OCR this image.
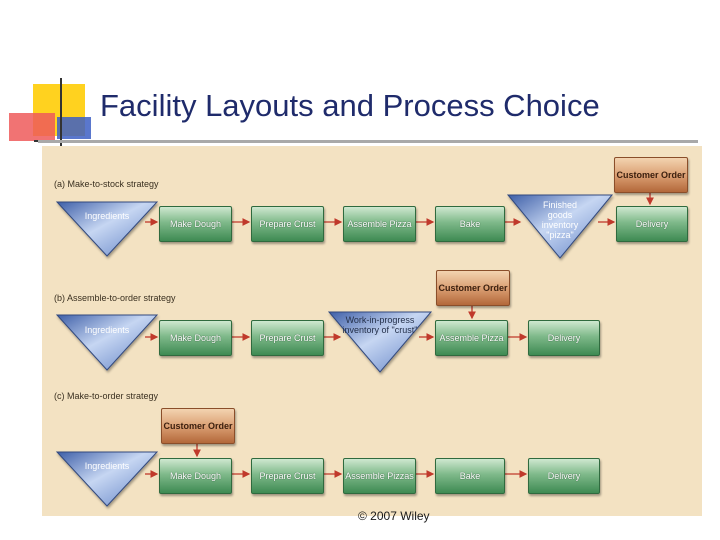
Facility Layouts and Process Choice
(a) Make-to-stock strategy
Ingredients
Make Dough	Prepare Crust	Assemble Pizza	Bake
Finished goods inventory "pizza"
Delivery
Customer Order
(b) Assemble-to-order strategy
Ingredients
Make Dough	Prepare Crust
Work-in-progress inventory of "crust"
Assemble Pizza	Delivery
Customer Order
(c) Make-to-order strategy
Customer Order
Ingredients
Make Dough	Prepare Crust	Assemble Pizzas	Bake	Delivery
© 2007 Wiley
